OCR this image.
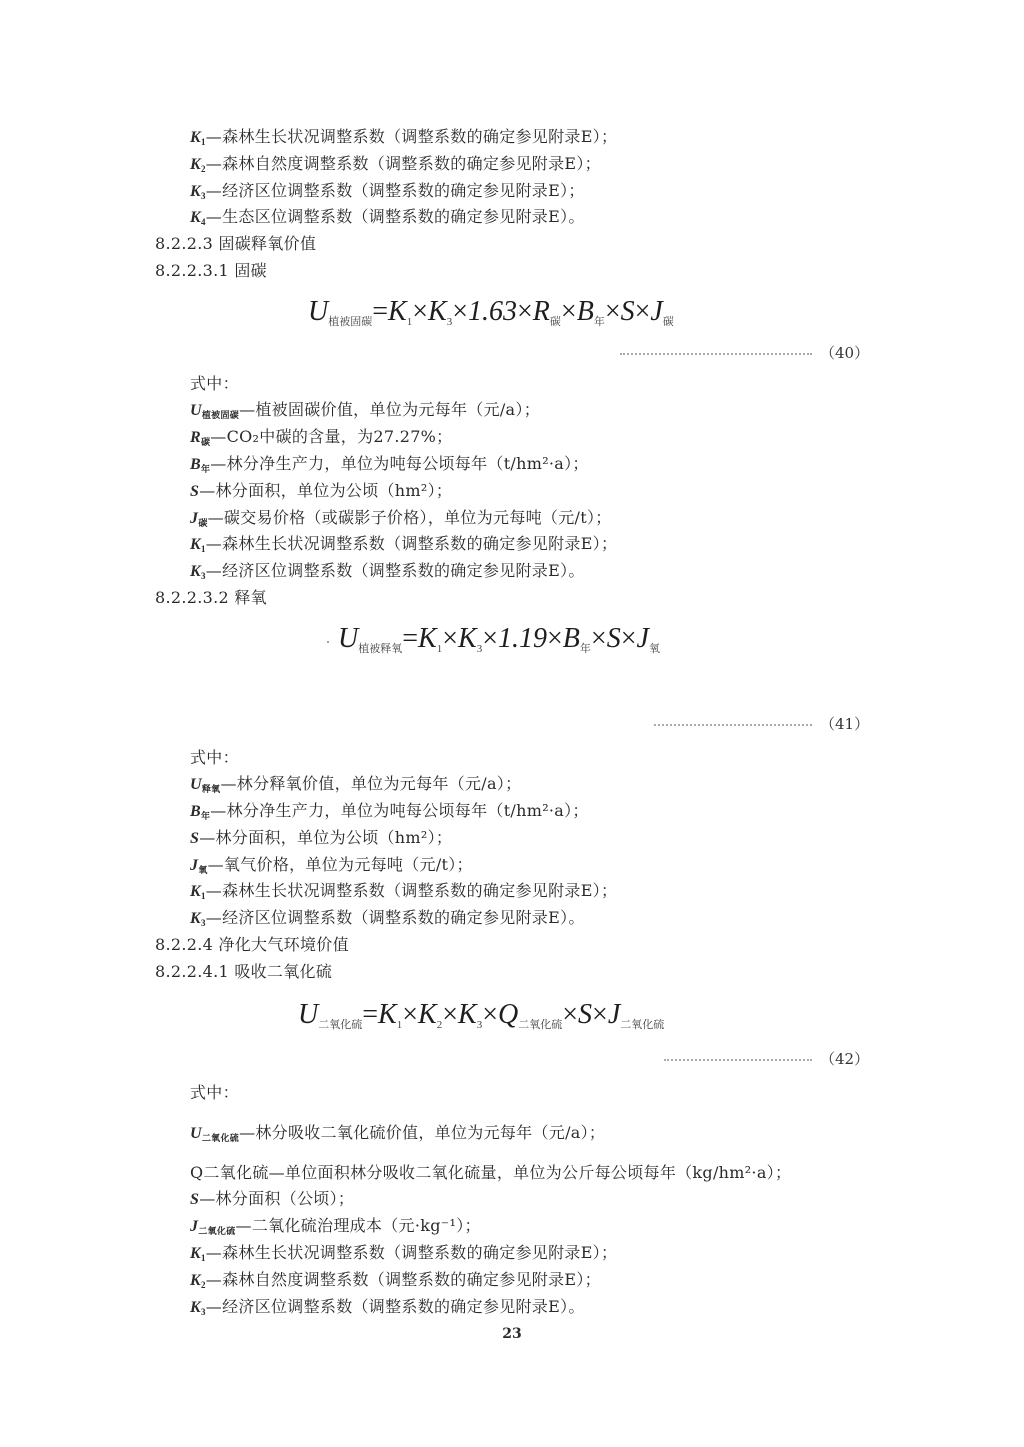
$K_1—$森林生长状况调整系数（调整系数的确定参见附录E）；
$K_2—$森林自然度调整系数（调整系数的确定参见附录E）；
$K_3—$经济区位调整系数（调整系数的确定参见附录E）；
$K_4—$生态区位调整系数（调整系数的确定参见附录E）。
8.2.2.3 固碳释氧价值
8.2.2.3.1 固碳
$U_{植被固碳}=K_1\times K_3\times 1.63\times R_碳\times B_年\times S\times J_碳$
（40）
式中：
$U_{植被固碳}—$植被固碳价值，单位为元每年（元/a）；
$R_碳—CO_2$中碳的含量，为27.27%；
$B_年—$林分净生产力，单位为吨每公顷每年（t/hm²·a）；
S—林分面积，单位为公顷（hm²）；
$J_碳—$碳交易价格（或碳影子价格），单位为元每吨（元/t）；
$K_1—$森林生长状况调整系数（调整系数的确定参见附录E）；
$K_3—$经济区位调整系数（调整系数的确定参见附录E）。
8.2.2.3.2 释氧
$U_{植被释氧}=K_1\times K_3\times 1.19\times B_年\times S\times J_氧$
（41）
式中：
$U_{释氧}—$林分释氧价值，单位为元每年（元/a）；
$B_年—$林分净生产力，单位为吨每公顷每年（t/hm²·a）；
S—林分面积，单位为公顷（hm²）；
$J_氧—$氧气价格，单位为元每吨（元/t）；
$K_1—$森林生长状况调整系数（调整系数的确定参见附录E）；
$K_3—$经济区位调整系数（调整系数的确定参见附录E）。
8.2.2.4 净化大气环境价值
8.2.2.4.1 吸收二氧化硫
$U_{二氧化硫}=K_1\times K_2\times K_3\times Q_{二氧化硫}\times S\times J_{二氧化硫}$
（42）
式中：
$U_{二氧化硫}—$林分吸收二氧化硫价值，单位为元每年（元/a）；
Q二氧化硫—单位面积林分吸收二氧化硫量，单位为公斤每公顷每年（kg/hm²·a）；
S—林分面积（公顷）；
$J_{二氧化硫}—$二氧化硫治理成本（元·kg⁻¹）；
$K_1—$森林生长状况调整系数（调整系数的确定参见附录E）；
$K_2—$森林自然度调整系数（调整系数的确定参见附录E）；
$K_3—$经济区位调整系数（调整系数的确定参见附录E）。
23
